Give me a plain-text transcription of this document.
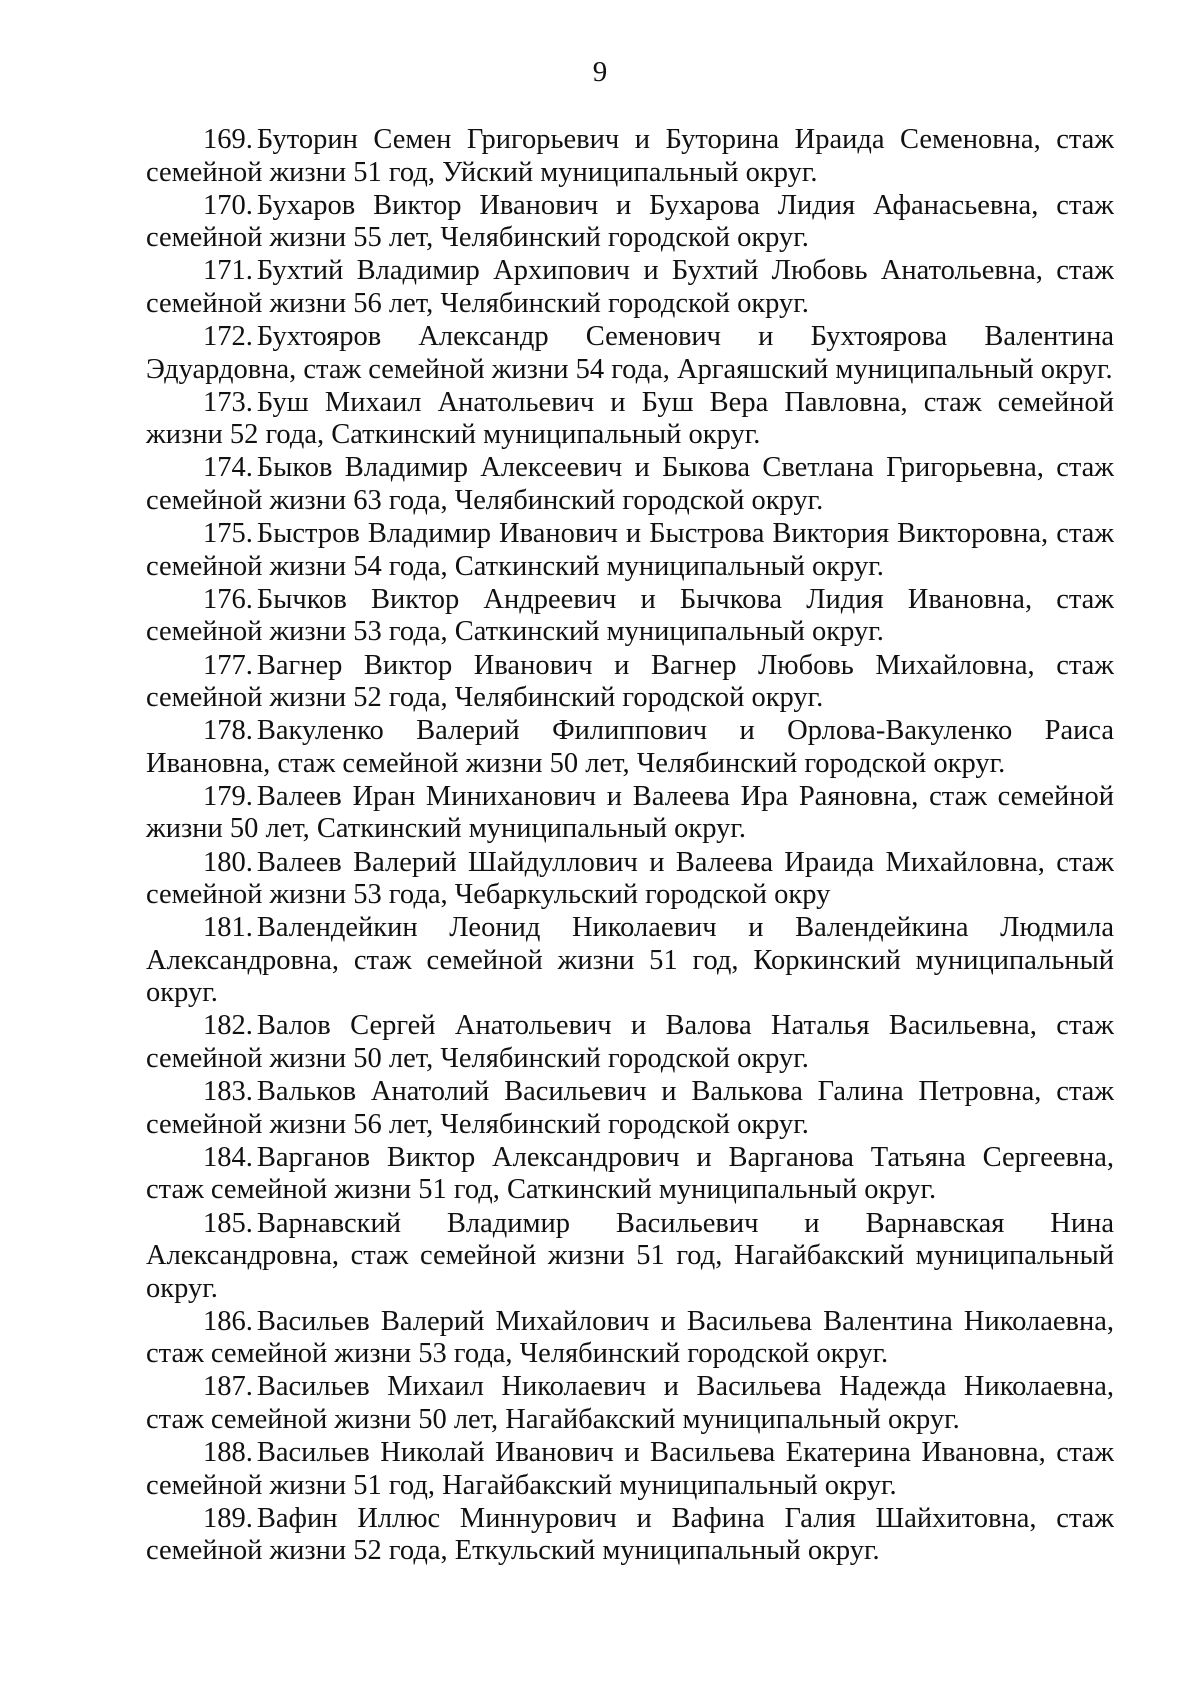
9
169. Буторин Семен Григорьевич и Буторина Ираида Семеновна, стаж семейной жизни 51 год, Уйский муниципальный округ.
170. Бухаров Виктор Иванович и Бухарова Лидия Афанасьевна, стаж семейной жизни 55 лет, Челябинский городской округ.
171. Бухтий Владимир Архипович и Бухтий Любовь Анатольевна, стаж семейной жизни 56 лет, Челябинский городской округ.
172. Бухтояров Александр Семенович и Бухтоярова Валентина Эдуардовна, стаж семейной жизни 54 года, Аргаяшский муниципальный округ.
173. Буш Михаил Анатольевич и Буш Вера Павловна, стаж семейной жизни 52 года, Саткинский муниципальный округ.
174. Быков Владимир Алексеевич и Быкова Светлана Григорьевна, стаж семейной жизни 63 года, Челябинский городской округ.
175. Быстров Владимир Иванович и Быстрова Виктория Викторовна, стаж семейной жизни 54 года, Саткинский муниципальный округ.
176. Бычков Виктор Андреевич и Бычкова Лидия Ивановна, стаж семейной жизни 53 года, Саткинский муниципальный округ.
177. Вагнер Виктор Иванович и Вагнер Любовь Михайловна, стаж семейной жизни 52 года, Челябинский городской округ.
178. Вакуленко Валерий Филиппович и Орлова-Вакуленко Раиса Ивановна, стаж семейной жизни 50 лет, Челябинский городской округ.
179. Валеев Иран Миниханович и Валеева Ира Раяновна, стаж семейной жизни 50 лет, Саткинский муниципальный округ.
180. Валеев Валерий Шайдуллович и Валеева Ираида Михайловна, стаж семейной жизни 53 года, Чебаркульский городской окру
181. Валендейкин Леонид Николаевич и Валендейкина Людмила Александровна, стаж семейной жизни 51 год, Коркинский муниципальный округ.
182. Валов Сергей Анатольевич и Валова Наталья Васильевна, стаж семейной жизни 50 лет, Челябинский городской округ.
183. Вальков Анатолий Васильевич и Валькова Галина Петровна, стаж семейной жизни 56 лет, Челябинский городской округ.
184. Варганов Виктор Александрович и Варганова Татьяна Сергеевна, стаж семейной жизни 51 год, Саткинский муниципальный округ.
185. Варнавский Владимир Васильевич и Варнавская Нина Александровна, стаж семейной жизни 51 год, Нагайбакский муниципальный округ.
186. Васильев Валерий Михайлович и Васильева Валентина Николаевна, стаж семейной жизни 53 года, Челябинский городской округ.
187. Васильев Михаил Николаевич и Васильева Надежда Николаевна, стаж семейной жизни 50 лет, Нагайбакский муниципальный округ.
188. Васильев Николай Иванович и Васильева Екатерина Ивановна, стаж семейной жизни 51 год, Нагайбакский муниципальный округ.
189. Вафин Иллюс Миннурович и Вафина Галия Шайхитовна, стаж семейной жизни 52 года, Еткульский муниципальный округ.
